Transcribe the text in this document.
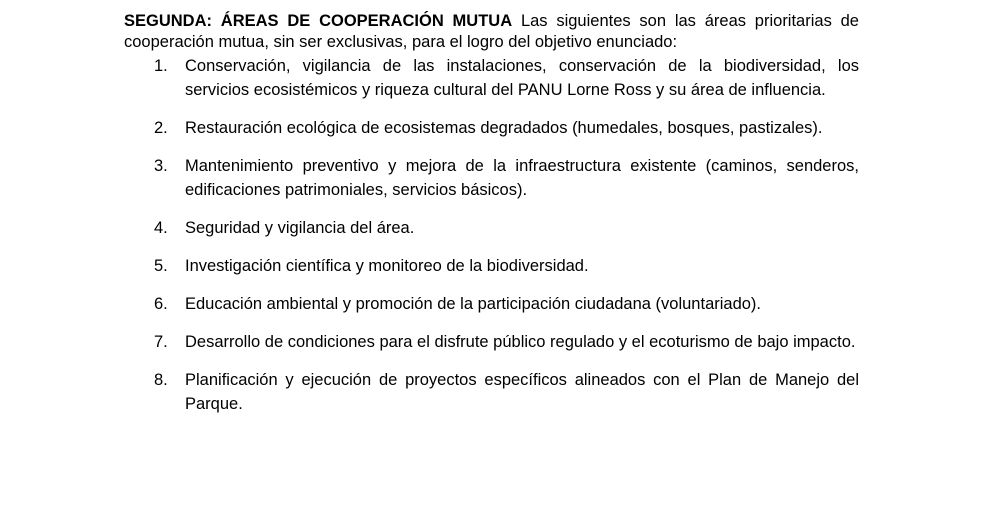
SEGUNDA: ÁREAS DE COOPERACIÓN MUTUA Las siguientes son las áreas prioritarias de cooperación mutua, sin ser exclusivas, para el logro del objetivo enunciado:

1. Conservación, vigilancia de las instalaciones, conservación de la biodiversidad, los servicios ecosistémicos y riqueza cultural del PANU Lorne Ross y su área de influencia.
2. Restauración ecológica de ecosistemas degradados (humedales, bosques, pastizales).
3. Mantenimiento preventivo y mejora de la infraestructura existente (caminos, senderos, edificaciones patrimoniales, servicios básicos).
4. Seguridad y vigilancia del área.
5. Investigación científica y monitoreo de la biodiversidad.
6. Educación ambiental y promoción de la participación ciudadana (voluntariado).
7. Desarrollo de condiciones para el disfrute público regulado y el ecoturismo de bajo impacto.
8. Planificación y ejecución de proyectos específicos alineados con el Plan de Manejo del Parque.
